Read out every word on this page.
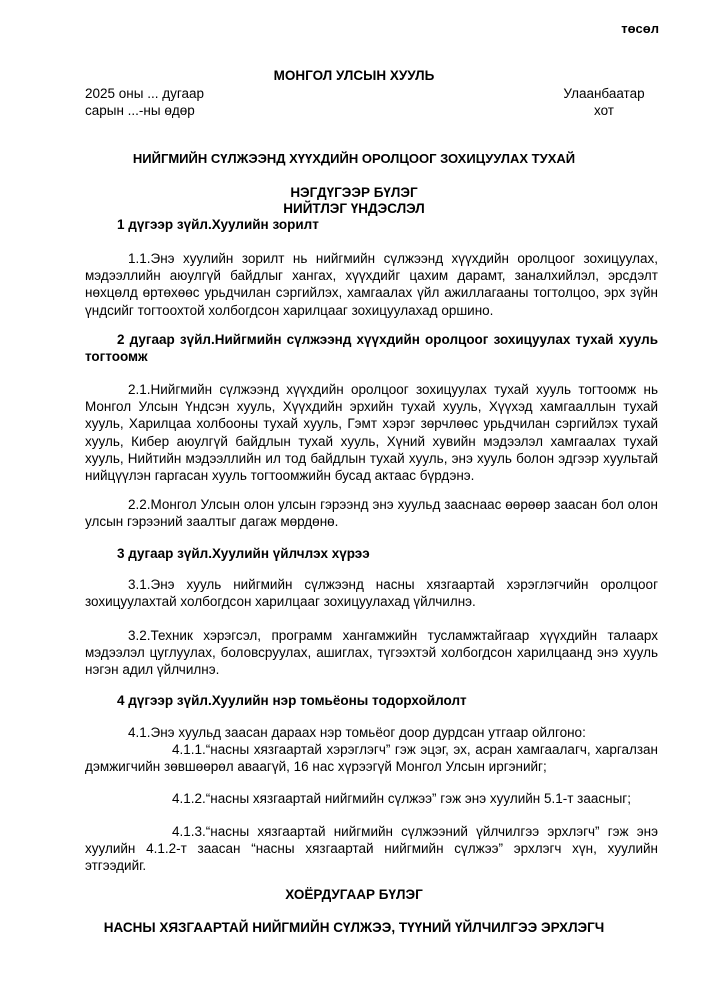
төсөл
МОНГОЛ УЛСЫН ХУУЛЬ
2025 оны ... дугаар
сарын ...-ны өдөр
Улаанбаатар
хот
НИЙГМИЙН СҮЛЖЭЭНД ХҮҮХДИЙН ОРОЛЦООГ ЗОХИЦУУЛАХ ТУХАЙ
НЭГДҮГЭЭР БҮЛЭГ
НИЙТЛЭГ ҮНДЭСЛЭЛ
1 дүгээр зүйл.Хуулийн зорилт
1.1.Энэ хуулийн зорилт нь нийгмийн сүлжээнд хүүхдийн оролцоог зохицуулах, мэдээллийн аюулгүй байдлыг хангах, хүүхдийг цахим дарамт, заналхийлэл, эрсдэлт нөхцөлд өртөхөөс урьдчилан сэргийлэх, хамгаалах үйл ажиллагааны тогтолцоо, эрх зүйн үндсийг тогтоохтой холбогдсон харилцааг зохицуулахад оршино.
2 дугаар зүйл.Нийгмийн сүлжээнд хүүхдийн оролцоог зохицуулах тухай хууль тогтоомж
2.1.Нийгмийн сүлжээнд хүүхдийн оролцоог зохицуулах тухай хууль тогтоомж нь Монгол Улсын Үндсэн хууль, Хүүхдийн эрхийн тухай хууль, Хүүхэд хамгааллын тухай хууль, Харилцаа холбооны тухай хууль, Гэмт хэрэг зөрчлөөс урьдчилан сэргийлэх тухай хууль, Кибер аюулгүй байдлын тухай хууль, Хүний хувийн мэдээлэл хамгаалах тухай хууль, Нийтийн мэдээллийн ил тод байдлын тухай хууль, энэ хууль болон эдгээр хуультай нийцүүлэн гаргасан хууль тогтоомжийн бусад актаас бүрдэнэ.
2.2.Монгол Улсын олон улсын гэрээнд энэ хуульд зааснаас өөрөөр заасан бол олон улсын гэрээний заалтыг дагаж мөрдөнө.
3 дугаар зүйл.Хуулийн үйлчлэх хүрээ
3.1.Энэ хууль нийгмийн сүлжээнд насны хязгаартай хэрэглэгчийн оролцоог зохицуулахтай холбогдсон харилцааг зохицуулахад үйлчилнэ.
3.2.Техник хэрэгсэл, программ хангамжийн тусламжтайгаар хүүхдийн талаарх мэдээлэл цуглуулах, боловсруулах, ашиглах, түгээхтэй холбогдсон харилцаанд энэ хууль нэгэн адил үйлчилнэ.
4 дүгээр зүйл.Хуулийн нэр томьёоны тодорхойлолт
4.1.Энэ хуульд заасан дараах нэр томьёог доор дурдсан утгаар ойлгоно:
4.1.1.“насны хязгаартай хэрэглэгч” гэж эцэг, эх, асран хамгаалагч, харгалзан дэмжигчийн зөвшөөрөл аваагүй, 16 нас хүрээгүй Монгол Улсын иргэнийг;
4.1.2.“насны хязгаартай нийгмийн сүлжээ” гэж энэ хуулийн 5.1-т заасныг;
4.1.3.“насны хязгаартай нийгмийн сүлжээний үйлчилгээ эрхлэгч” гэж энэ хуулийн 4.1.2-т заасан “насны хязгаартай нийгмийн сүлжээ” эрхлэгч хүн, хуулийн этгээдийг.
ХОЁРДУГААР БҮЛЭГ
НАСНЫ ХЯЗГААРТАЙ НИЙГМИЙН СҮЛЖЭЭ, ТҮҮНИЙ ҮЙЛЧИЛГЭЭ ЭРХЛЭГЧ
